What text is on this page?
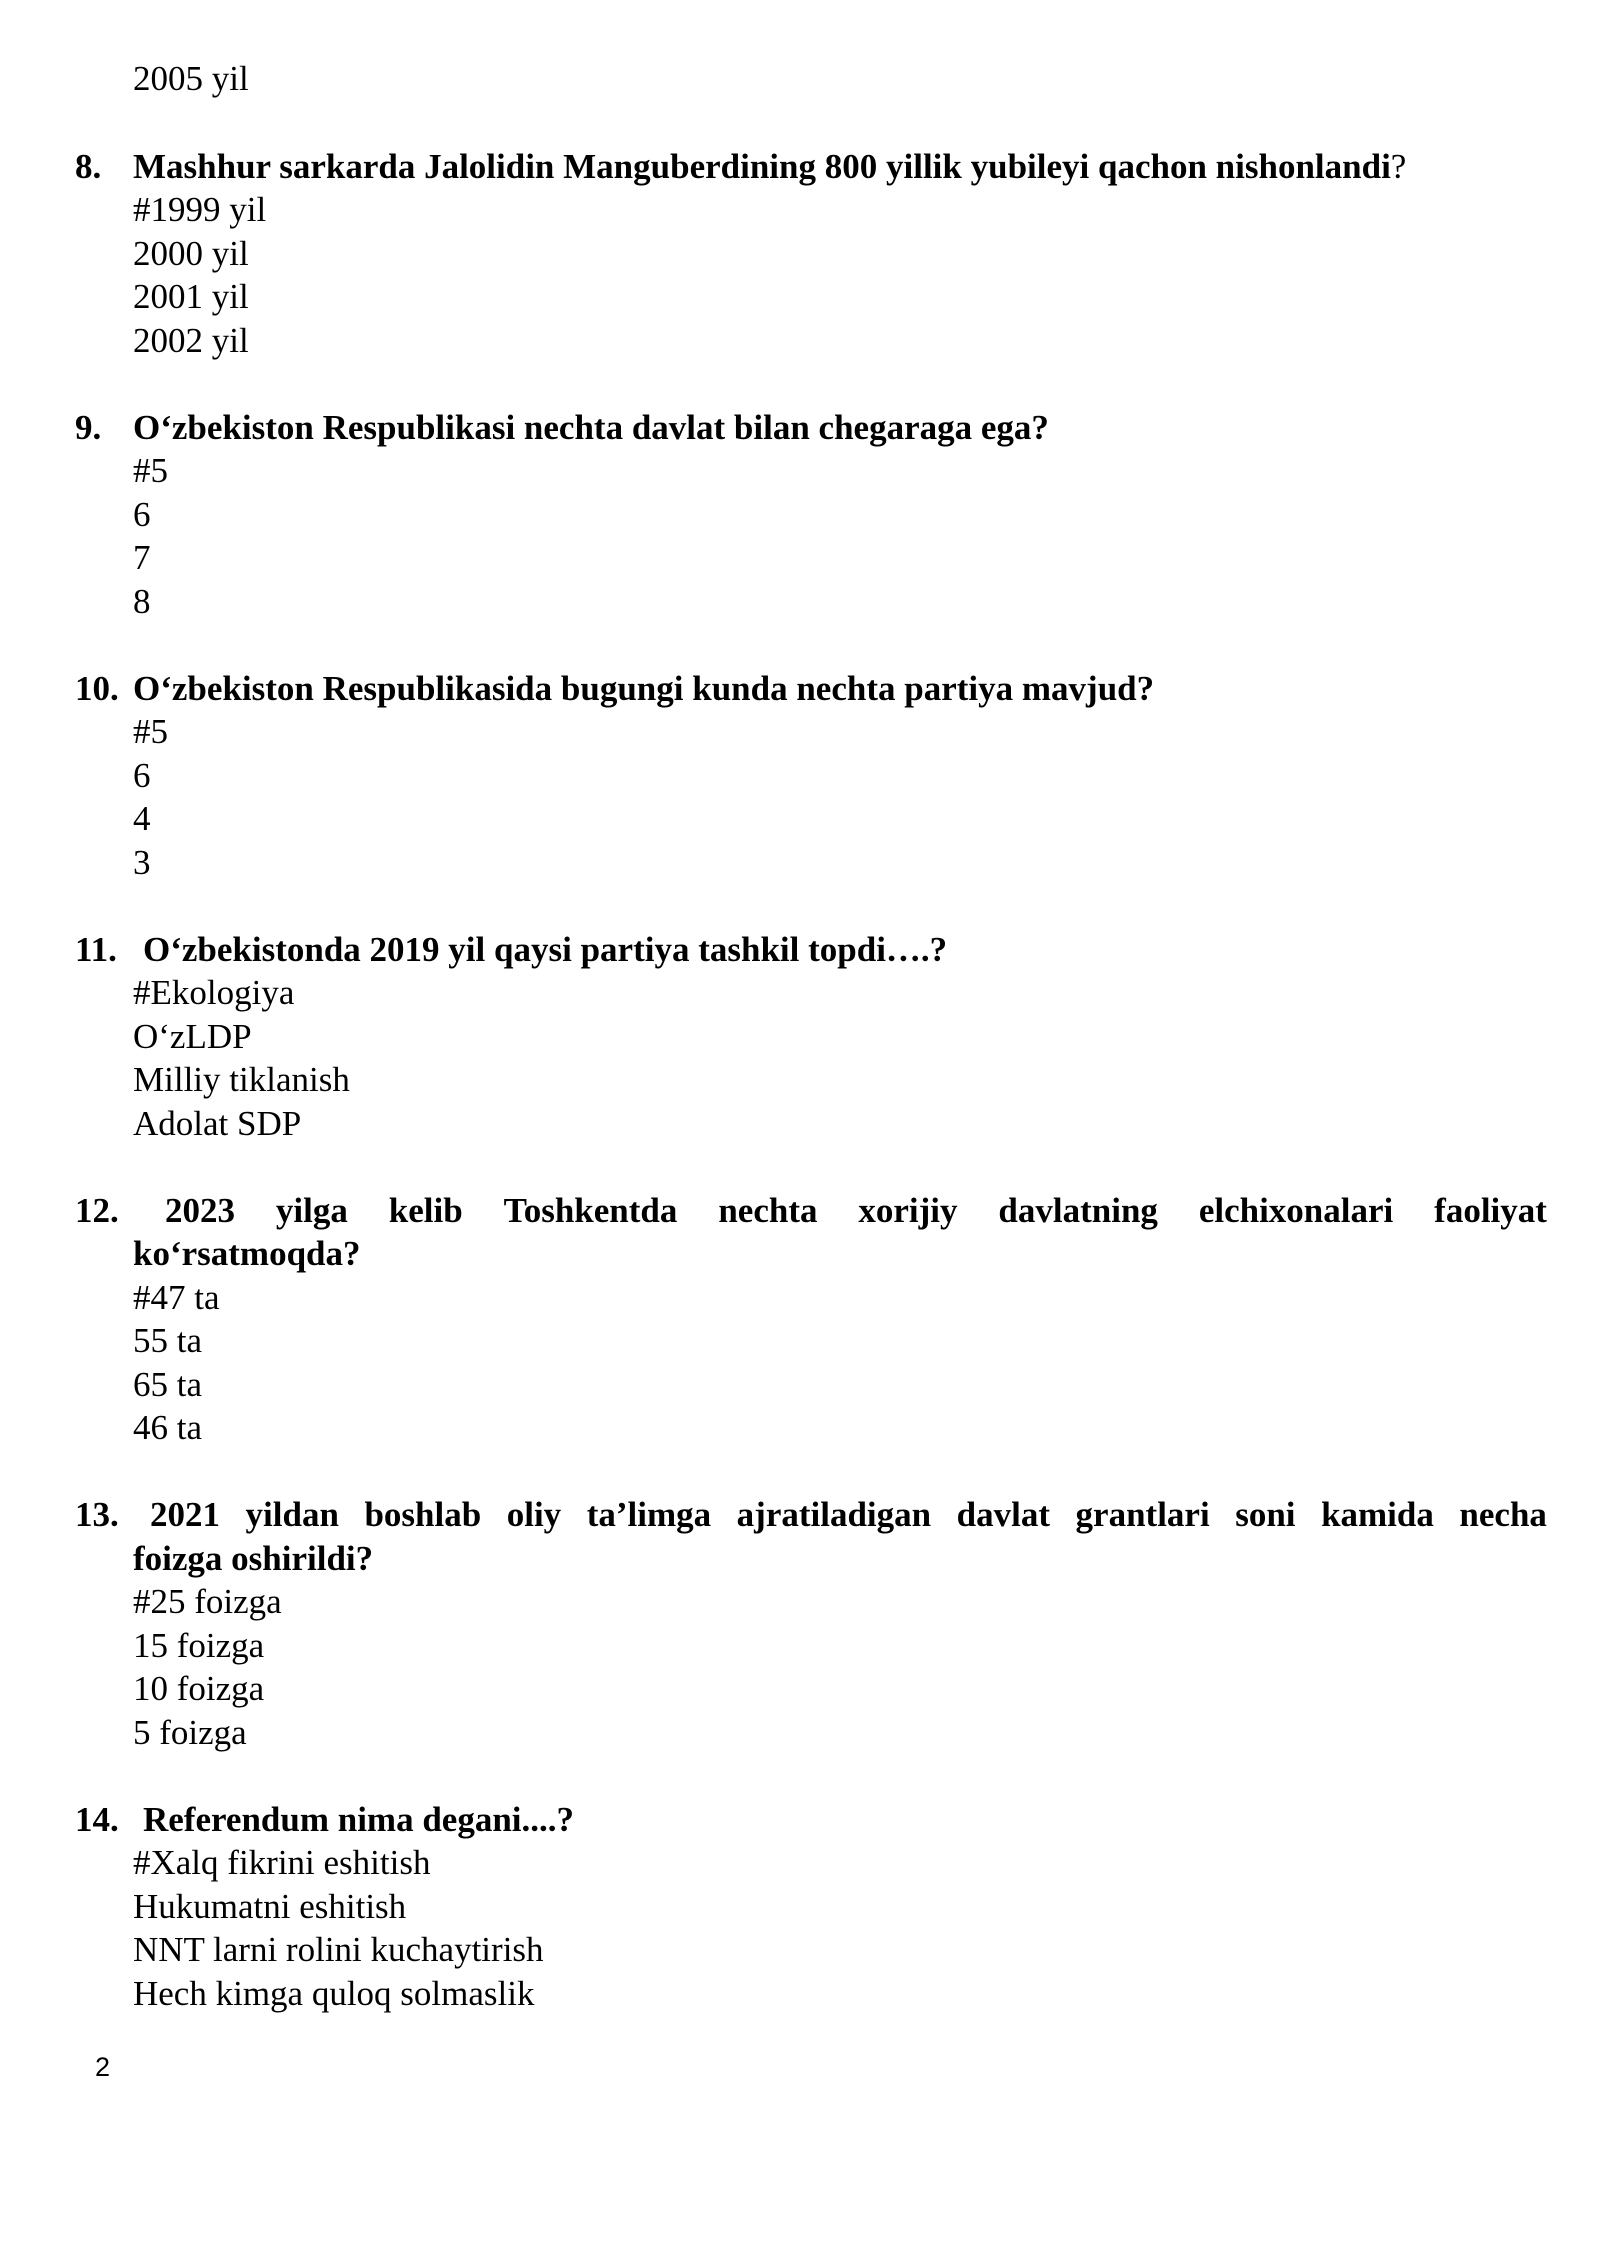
2005 yil
8. Mashhur sarkarda Jalolidin Manguberdining 800 yillik yubileyi qachon nishonlandi?
#1999 yil
2000 yil
2001 yil
2002 yil
9. O‘zbekiston Respublikasi nechta davlat bilan chegaraga ega?
#5
6
7
8
10. O‘zbekiston Respublikasida bugungi kunda nechta partiya mavjud?
#5
6
4
3
11. O‘zbekistonda 2019 yil qaysi partiya tashkil topdi….?
#Ekologiya
O‘zLDP
Milliy tiklanish
Adolat SDP
12. 2023 yilga kelib Toshkentda nechta xorijiy davlatning elchixonalari faoliyat
ko‘rsatmoqda?
#47 ta
55 ta
65 ta
46 ta
13. 2021 yildan boshlab oliy ta’limga ajratiladigan davlat grantlari soni kamida necha
foizga oshirildi?
#25 foizga
15 foizga
10 foizga
5 foizga
14. Referendum nima degani....?
#Xalq fikrini eshitish
Hukumatni eshitish
NNT larni rolini kuchaytirish
Hech kimga quloq solmaslik
2
